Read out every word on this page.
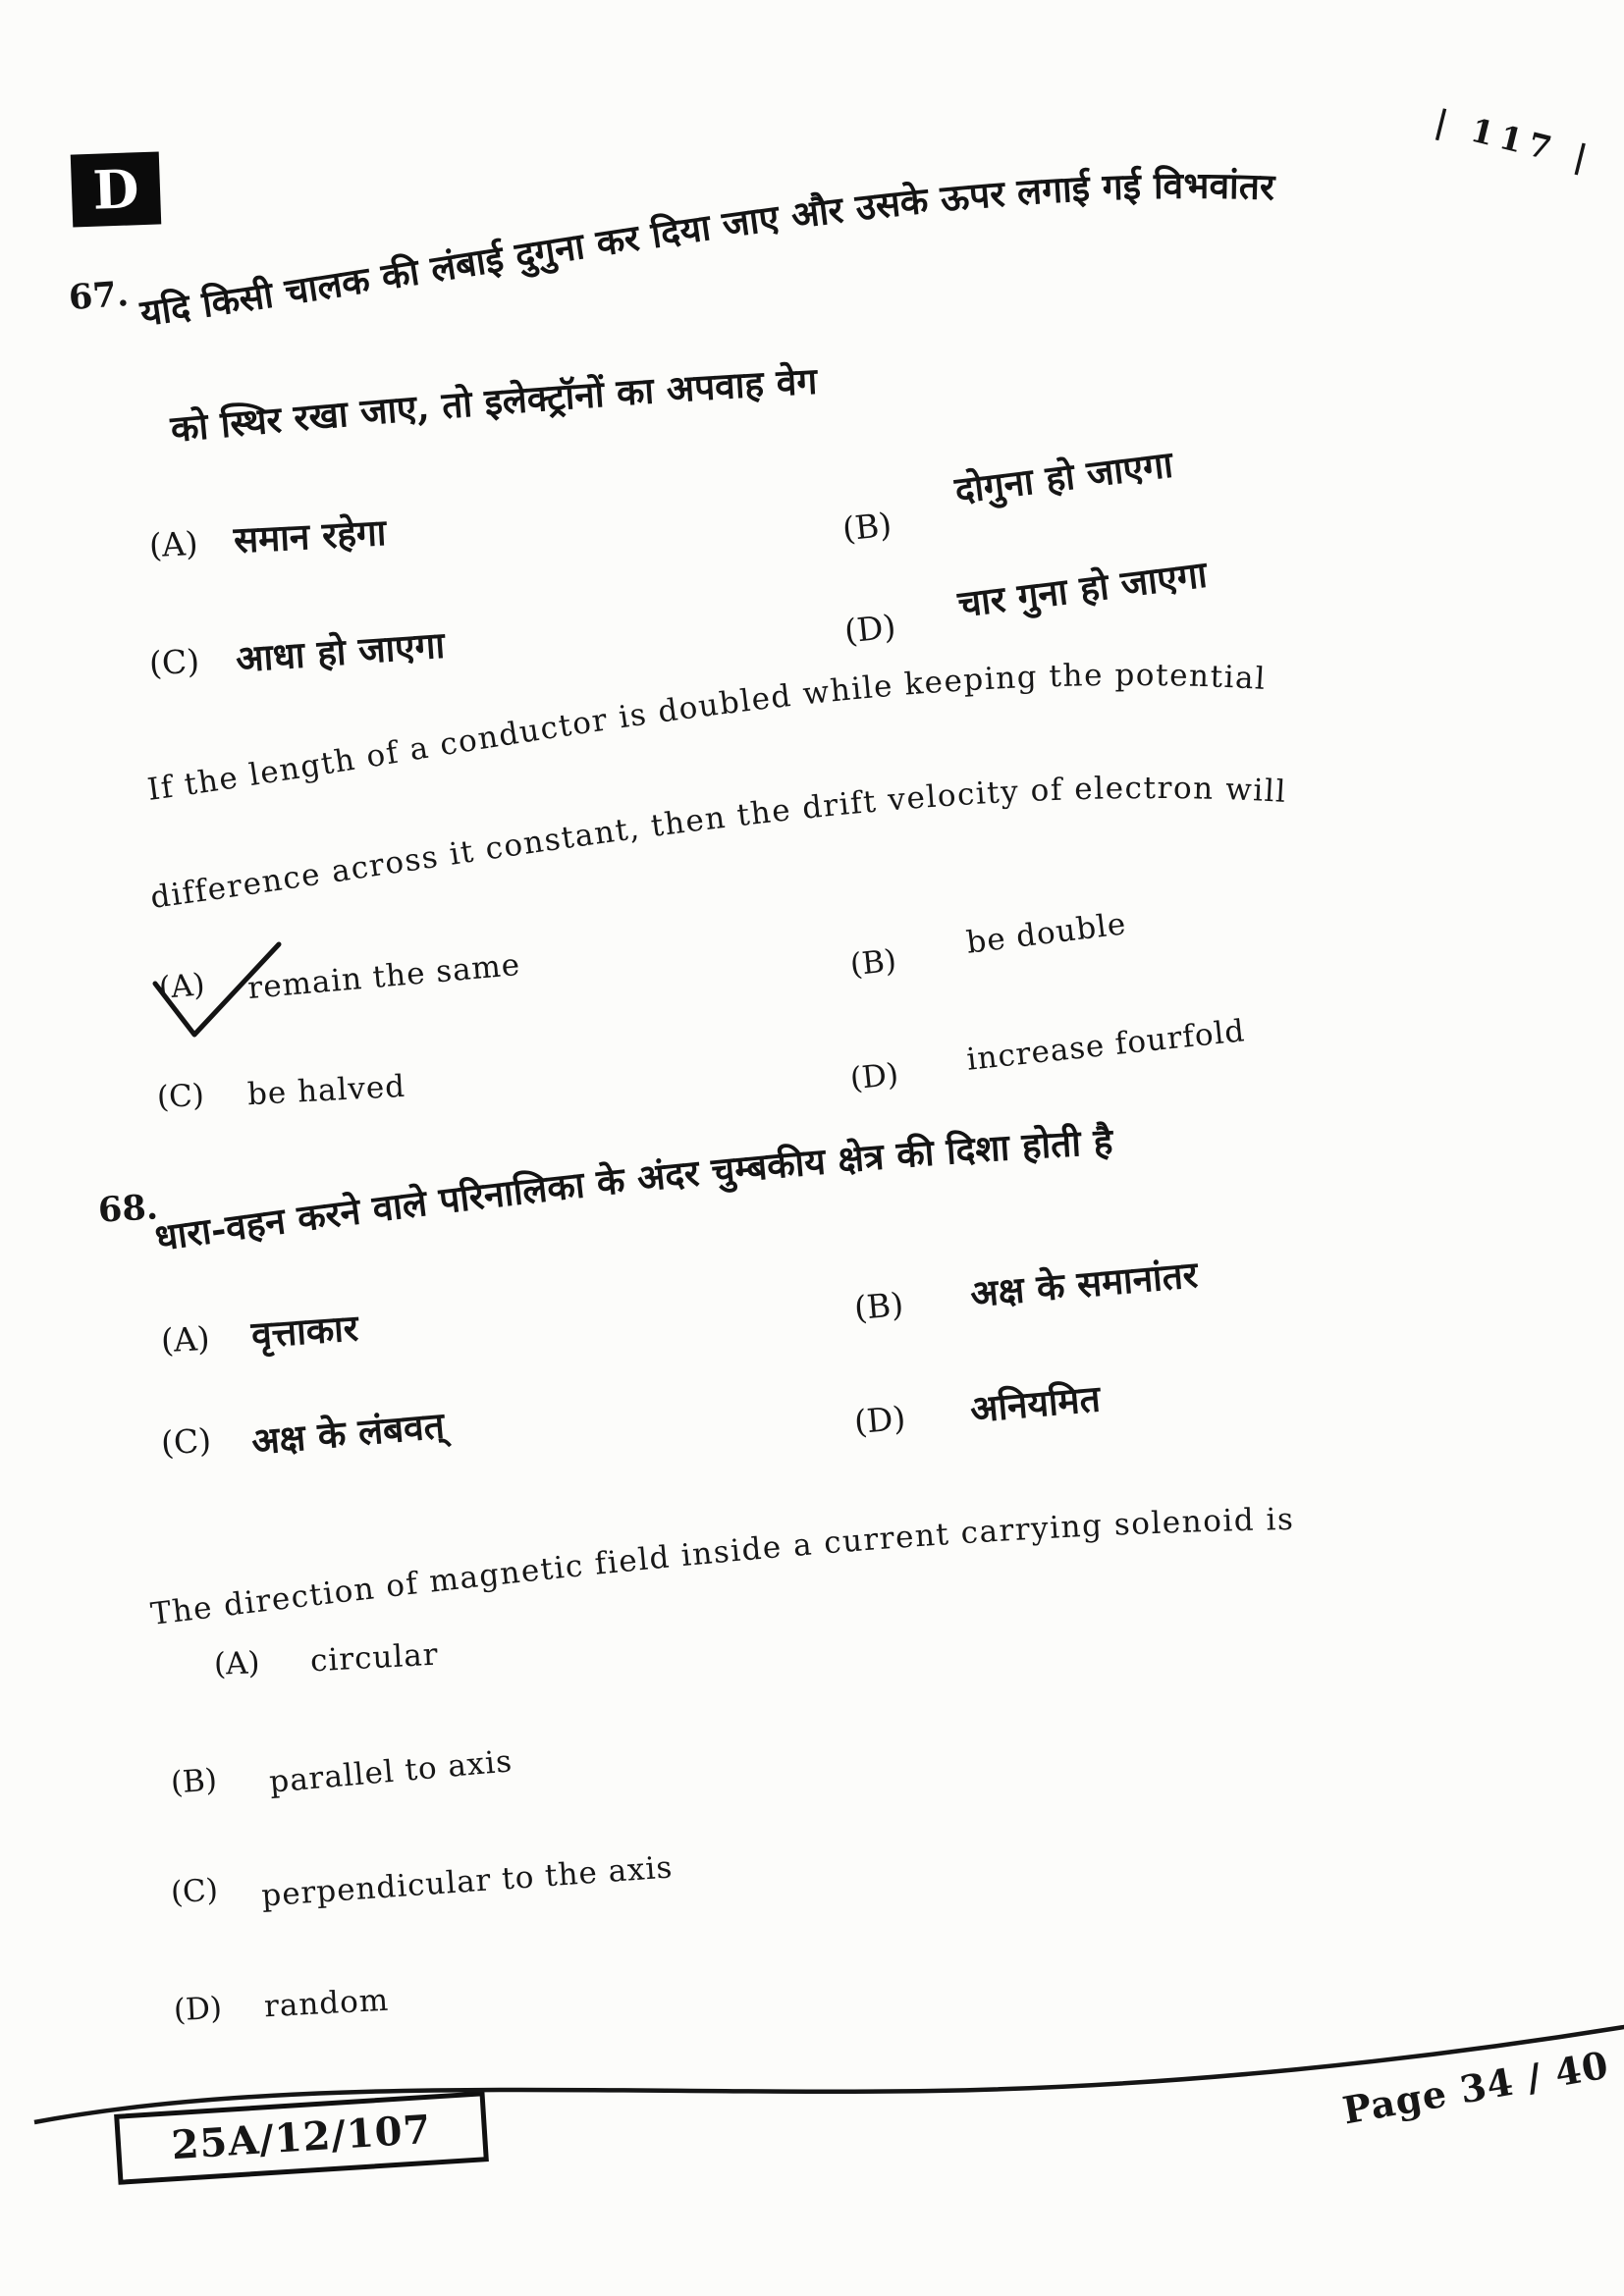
| 117 |
D
67.
(A) समान रहेगा	(B)
दोगुना हो जाएगा
(C) आधा हो जाएगा	(D)
चार गुना हो जाएगा
(A) remain the same	(B)
be double
(C) be halved	(D) increase fourfold
68.
(A) वृत्ताकार	(B) अक्ष के समानांतर
(C) अक्ष के लंबवत्	(D) अनियमित
(A) circular
(B) parallel to axis
(C) perpendicular to the axis
(D) random
25A/12/107
Page 34 / 40
यदि किसी चालक की लंबाई दुगुना कर दिया जाए और उसके ऊपर लगाई गई विभवांतर
को स्थिर रखा जाए, तो इलेक्ट्रॉनों का अपवाह वेग
If the length of a conductor is doubled while keeping the potential
difference across it constant, then the drift velocity of electron will
धारा-वहन करने वाले परिनालिका के अंदर चुम्बकीय क्षेत्र की दिशा होती है
The direction of magnetic field inside a current carrying solenoid is
